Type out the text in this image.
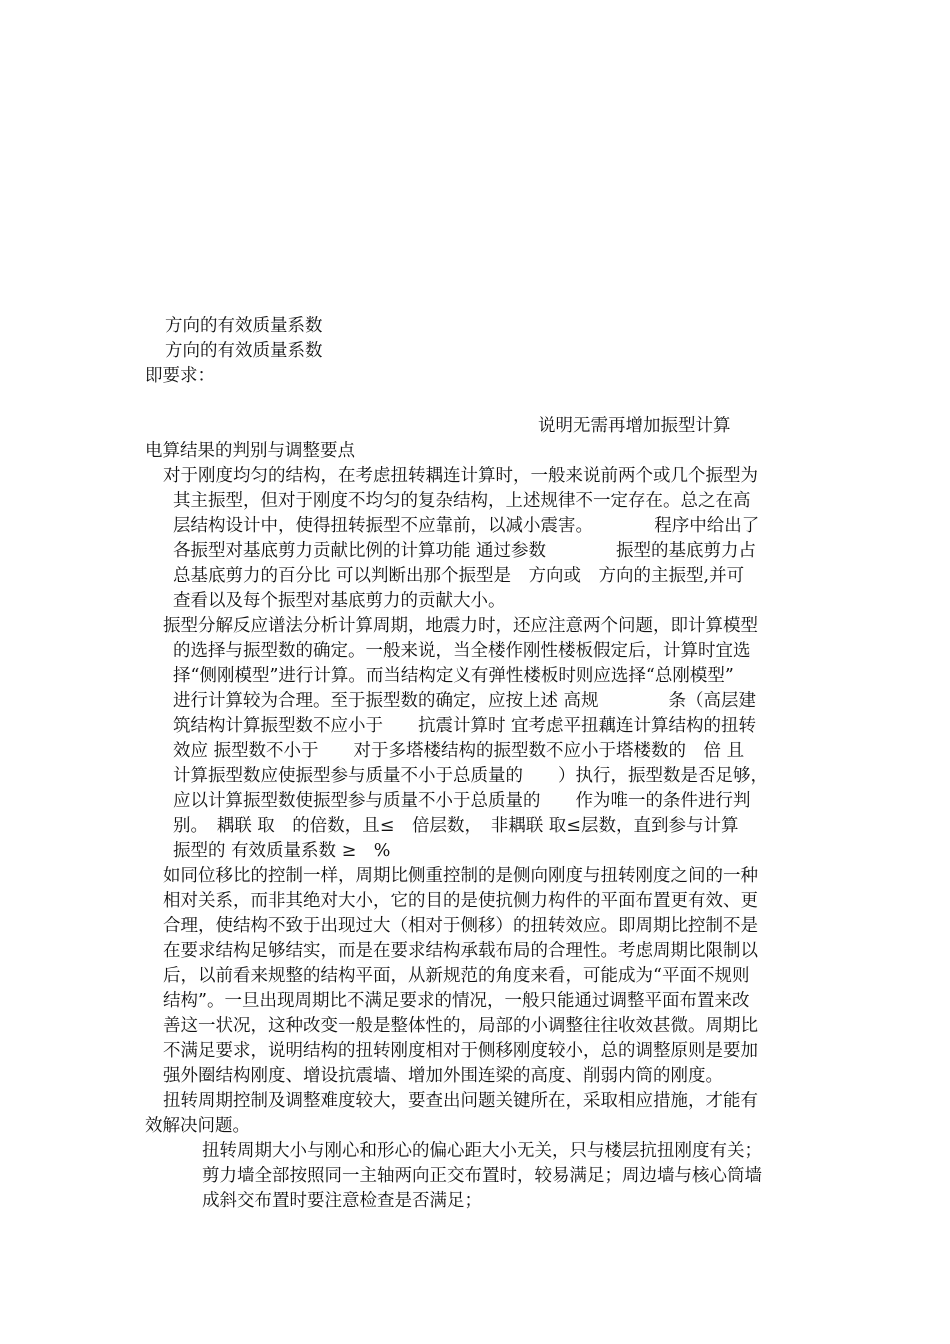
方向的有效质量系数

方向的有效质量系数

即要求：

说明无需再增加振型计算

电算结果的判别与调整要点

对于刚度均匀的结构，在考虑扭转耦连计算时，一般来说前两个或几个振型为

其主振型，但对于刚度不均匀的复杂结构，上述规律不一定存在。总之在高

层结构设计中，使得扭转振型不应靠前，以减小震害。　　　　程序中给出了

各振型对基底剪力贡献比例的计算功能 通过参数　　　　振型的基底剪力占

总基底剪力的百分比 可以判断出那个振型是　方向或　方向的主振型,并可

查看以及每个振型对基底剪力的贡献大小。

振型分解反应谱法分析计算周期，地震力时，还应注意两个问题，即计算模型

的选择与振型数的确定。一般来说，当全楼作刚性楼板假定后，计算时宜选

择“侧刚模型”进行计算。而当结构定义有弹性楼板时则应选择“总刚模型”

进行计算较为合理。至于振型数的确定，应按上述 高规　　　　条（高层建

筑结构计算振型数不应小于　　抗震计算时 宜考虑平扭藕连计算结构的扭转

效应 振型数不小于　　对于多塔楼结构的振型数不应小于塔楼数的　倍 且

计算振型数应使振型参与质量不小于总质量的　　）执行，振型数是否足够，

应以计算振型数使振型参与质量不小于总质量的　　作为唯一的条件进行判

别。　耦联 取　的倍数，且≤　倍层数，　非耦联 取≤层数，直到参与计算

振型的 有效质量系数 ≥　%

如同位移比的控制一样，周期比侧重控制的是侧向刚度与扭转刚度之间的一种

相对关系，而非其绝对大小，它的目的是使抗侧力构件的平面布置更有效、更

合理，使结构不致于出现过大（相对于侧移）的扭转效应。即周期比控制不是

在要求结构足够结实，而是在要求结构承载布局的合理性。考虑周期比限制以

后，以前看来规整的结构平面，从新规范的角度来看，可能成为“平面不规则

结构”。一旦出现周期比不满足要求的情况，一般只能通过调整平面布置来改

善这一状况，这种改变一般是整体性的，局部的小调整往往收效甚微。周期比

不满足要求，说明结构的扭转刚度相对于侧移刚度较小，总的调整原则是要加

强外圈结构刚度、增设抗震墙、增加外围连梁的高度、削弱内筒的刚度。

扭转周期控制及调整难度较大，要查出问题关键所在，采取相应措施，才能有

效解决问题。

扭转周期大小与刚心和形心的偏心距大小无关，只与楼层抗扭刚度有关；

剪力墙全部按照同一主轴两向正交布置时，较易满足；周边墙与核心筒墙

成斜交布置时要注意检查是否满足；
